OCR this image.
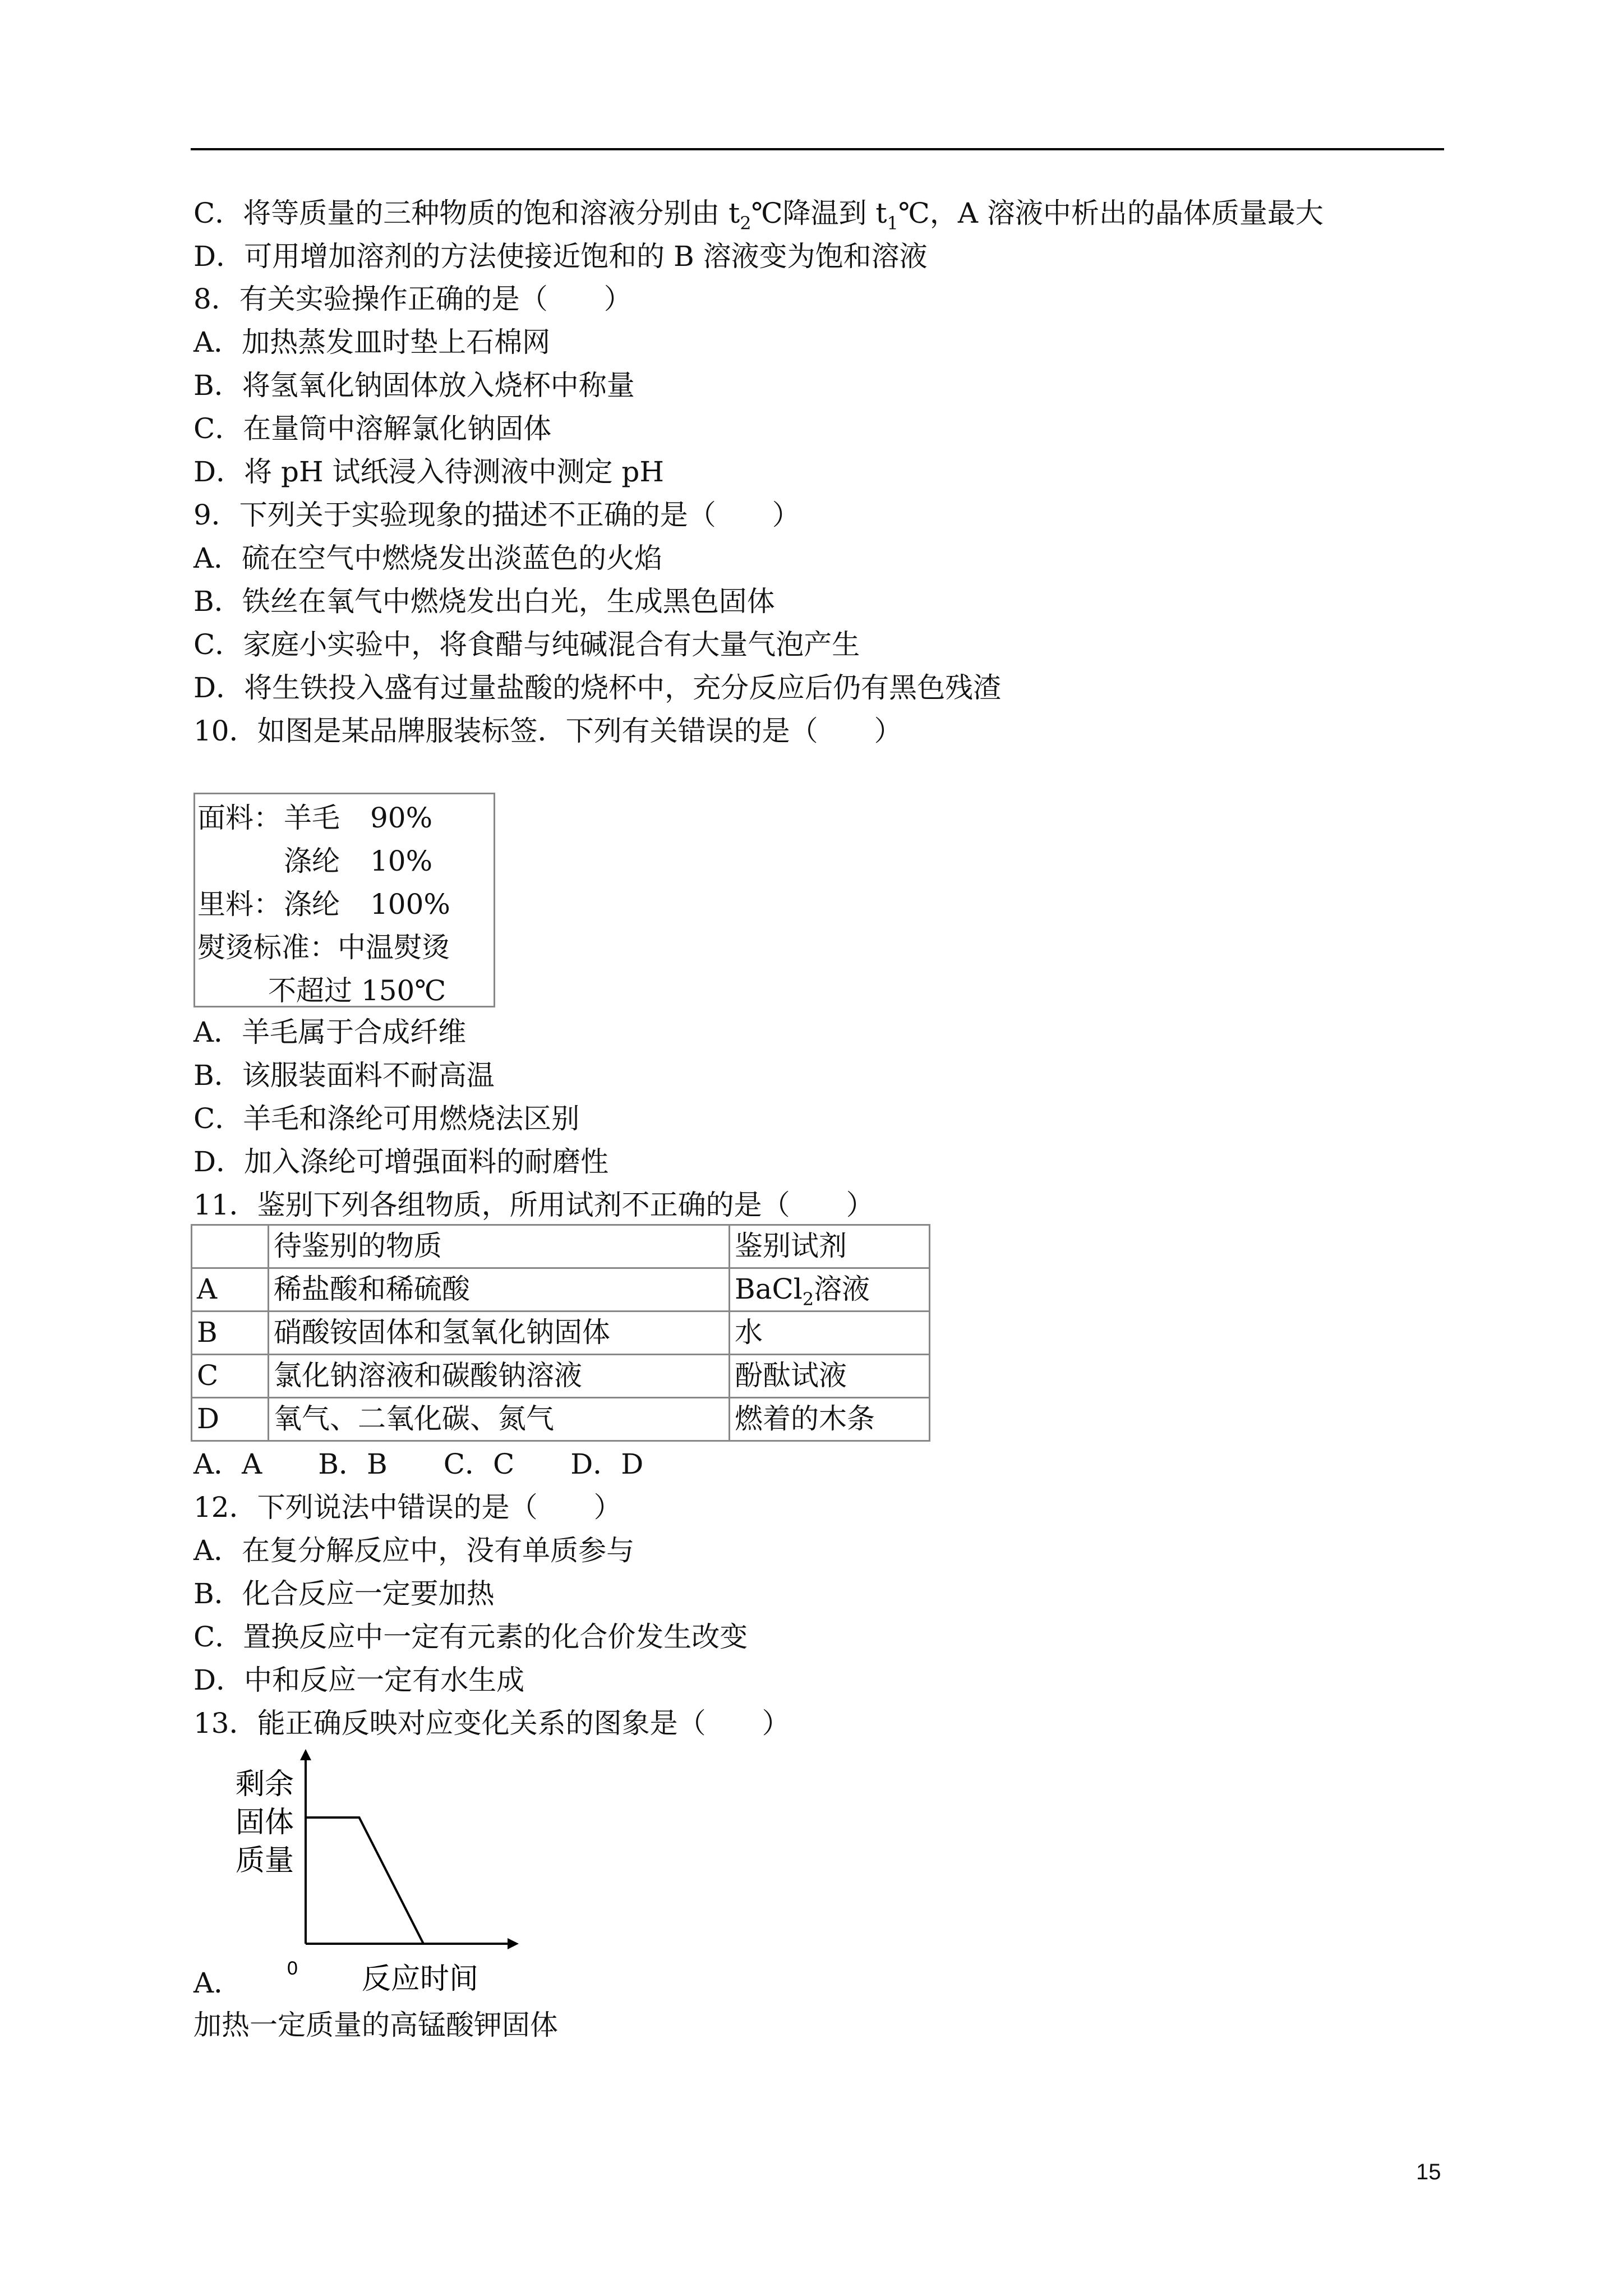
C．将等质量的三种物质的饱和溶液分别由 $t_2℃$降温到 $t_1℃$，A 溶液中析出的晶体质量最大
D．可用增加溶剂的方法使接近饱和的 B 溶液变为饱和溶液
8．有关实验操作正确的是（　　）
A．加热蒸发皿时垫上石棉网
B．将氢氧化钠固体放入烧杯中称量
C．在量筒中溶解氯化钠固体
D．将 pH 试纸浸入待测液中测定 pH
9．下列关于实验现象的描述不正确的是（　　）
A．硫在空气中燃烧发出淡蓝色的火焰
B．铁丝在氧气中燃烧发出白光，生成黑色固体
C．家庭小实验中，将食醋与纯碱混合有大量气泡产生
D．将生铁投入盛有过量盐酸的烧杯中，充分反应后仍有黑色残渣
10．如图是某品牌服装标签．下列有关错误的是（　　）
面料： 羊毛 90%
涤纶 10%
里料： 涤纶 100%
熨烫标准：中温熨烫
不超过 150℃
A．羊毛属于合成纤维
B．该服装面料不耐高温
C．羊毛和涤纶可用燃烧法区别
D．加入涤纶可增强面料的耐磨性
11．鉴别下列各组物质，所用试剂不正确的是（　　）
	待鉴别的物质	鉴别试剂
A	稀盐酸和稀硫酸	BaCl$_2$溶液
B	硝酸铵固体和氢氧化钠固体	水
C	氯化钠溶液和碳酸钠溶液	酚酞试液
D	氧气、二氧化碳、氮气	燃着的木条
A．A　　B．B　　C．C　　D．D
12．下列说法中错误的是（　　）
A．在复分解反应中，没有单质参与
B．化合反应一定要加热
C．置换反应中一定有元素的化合价发生改变
D．中和反应一定有水生成
13．能正确反映对应变化关系的图象是（　　）
剩余
固体
质量
反应时间
0
A．
加热一定质量的高锰酸钾固体
15
